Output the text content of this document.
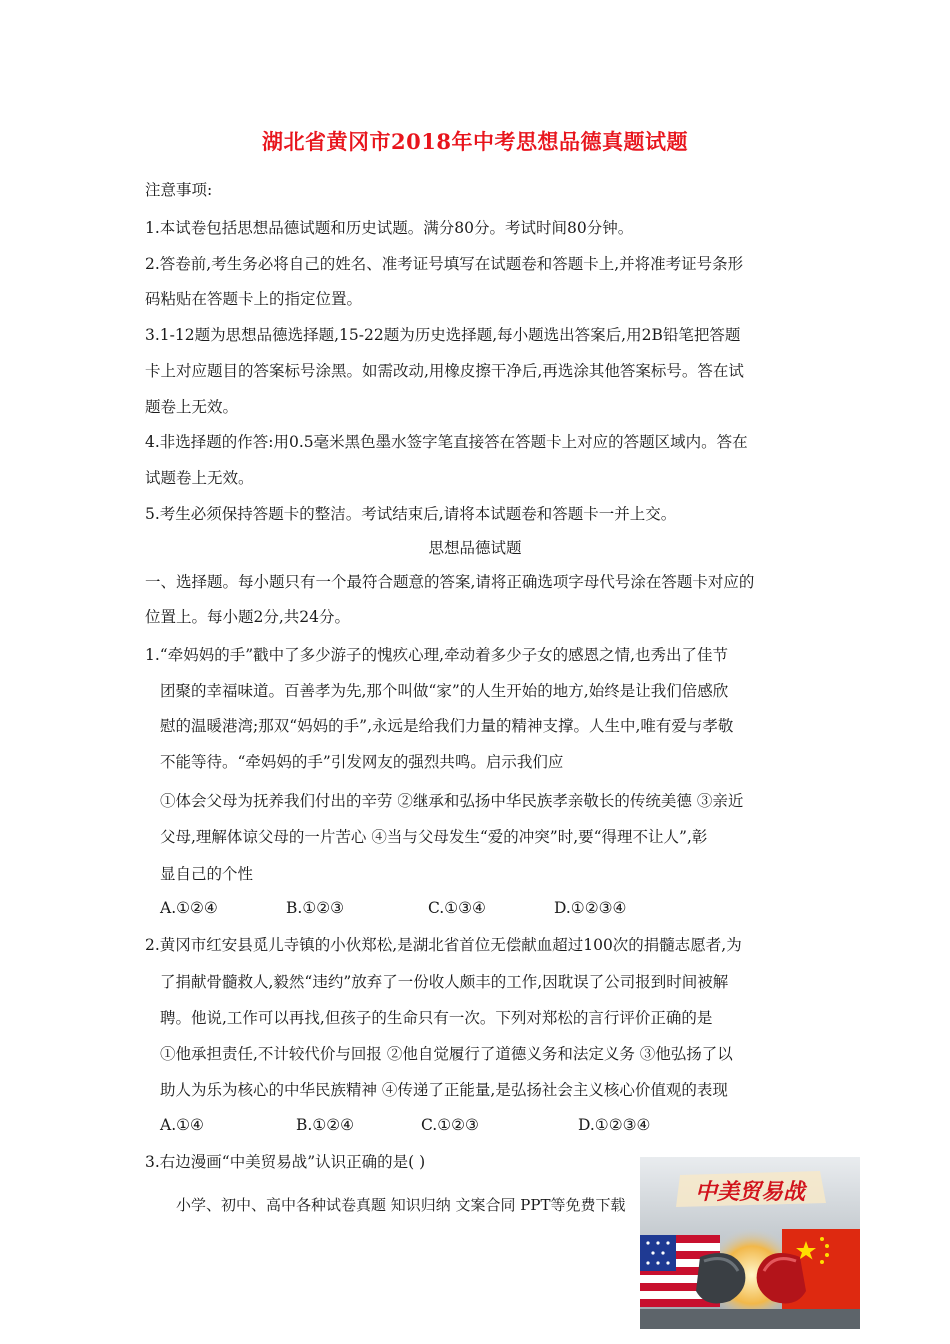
湖北省黄冈市2018年中考思想品德真题试题
注意事项:
1.本试卷包括思想品德试题和历史试题。满分80分。考试时间80分钟。
2.答卷前,考生务必将自己的姓名、准考证号填写在试题卷和答题卡上,并将准考证号条形
码粘贴在答题卡上的指定位置。
3.1-12题为思想品德选择题,15-22题为历史选择题,每小题选出答案后,用2B铅笔把答题
卡上对应题目的答案标号涂黑。如需改动,用橡皮擦干净后,再选涂其他答案标号。答在试
题卷上无效。
4.非选择题的作答:用0.5毫米黑色墨水签字笔直接答在答题卡上对应的答题区域内。答在
试题卷上无效。
5.考生必须保持答题卡的整洁。考试结束后,请将本试题卷和答题卡一并上交。
思想品德试题
一、选择题。每小题只有一个最符合题意的答案,请将正确选项字母代号涂在答题卡对应的
位置上。每小题2分,共24分。
1.“牵妈妈的手”戳中了多少游子的愧疚心理,牵动着多少子女的感恩之情,也秀出了佳节
团聚的幸福味道。百善孝为先,那个叫做“家”的人生开始的地方,始终是让我们倍感欣
慰的温暖港湾;那双“妈妈的手”,永远是给我们力量的精神支撑。人生中,唯有爱与孝敬
不能等待。“牵妈妈的手”引发网友的强烈共鸣。启示我们应
①体会父母为抚养我们付出的辛劳 ②继承和弘扬中华民族孝亲敬长的传统美德 ③亲近
父母,理解体谅父母的一片苦心 ④当与父母发生“爱的冲突”时,要“得理不让人”,彰
显自己的个性
A.①②④	B.①②③	C.①③④	D.①②③④
2.黄冈市红安县觅儿寺镇的小伙郑松,是湖北省首位无偿献血超过100次的捐髓志愿者,为
了捐献骨髓救人,毅然“违约”放弃了一份收人颇丰的工作,因耽误了公司报到时间被解
聘。他说,工作可以再找,但孩子的生命只有一次。下列对郑松的言行评价正确的是
①他承担责任,不计较代价与回报 ②他自觉履行了道德义务和法定义务 ③他弘扬了以
助人为乐为核心的中华民族精神 ④传递了正能量,是弘扬社会主义核心价值观的表现
A.①④	B.①②④	C.①②③	D.①②③④
3.右边漫画“中美贸易战”认识正确的是( )
小学、初中、高中各种试卷真题 知识归纳 文案合同 PPT等免费下载	中美贸易战
